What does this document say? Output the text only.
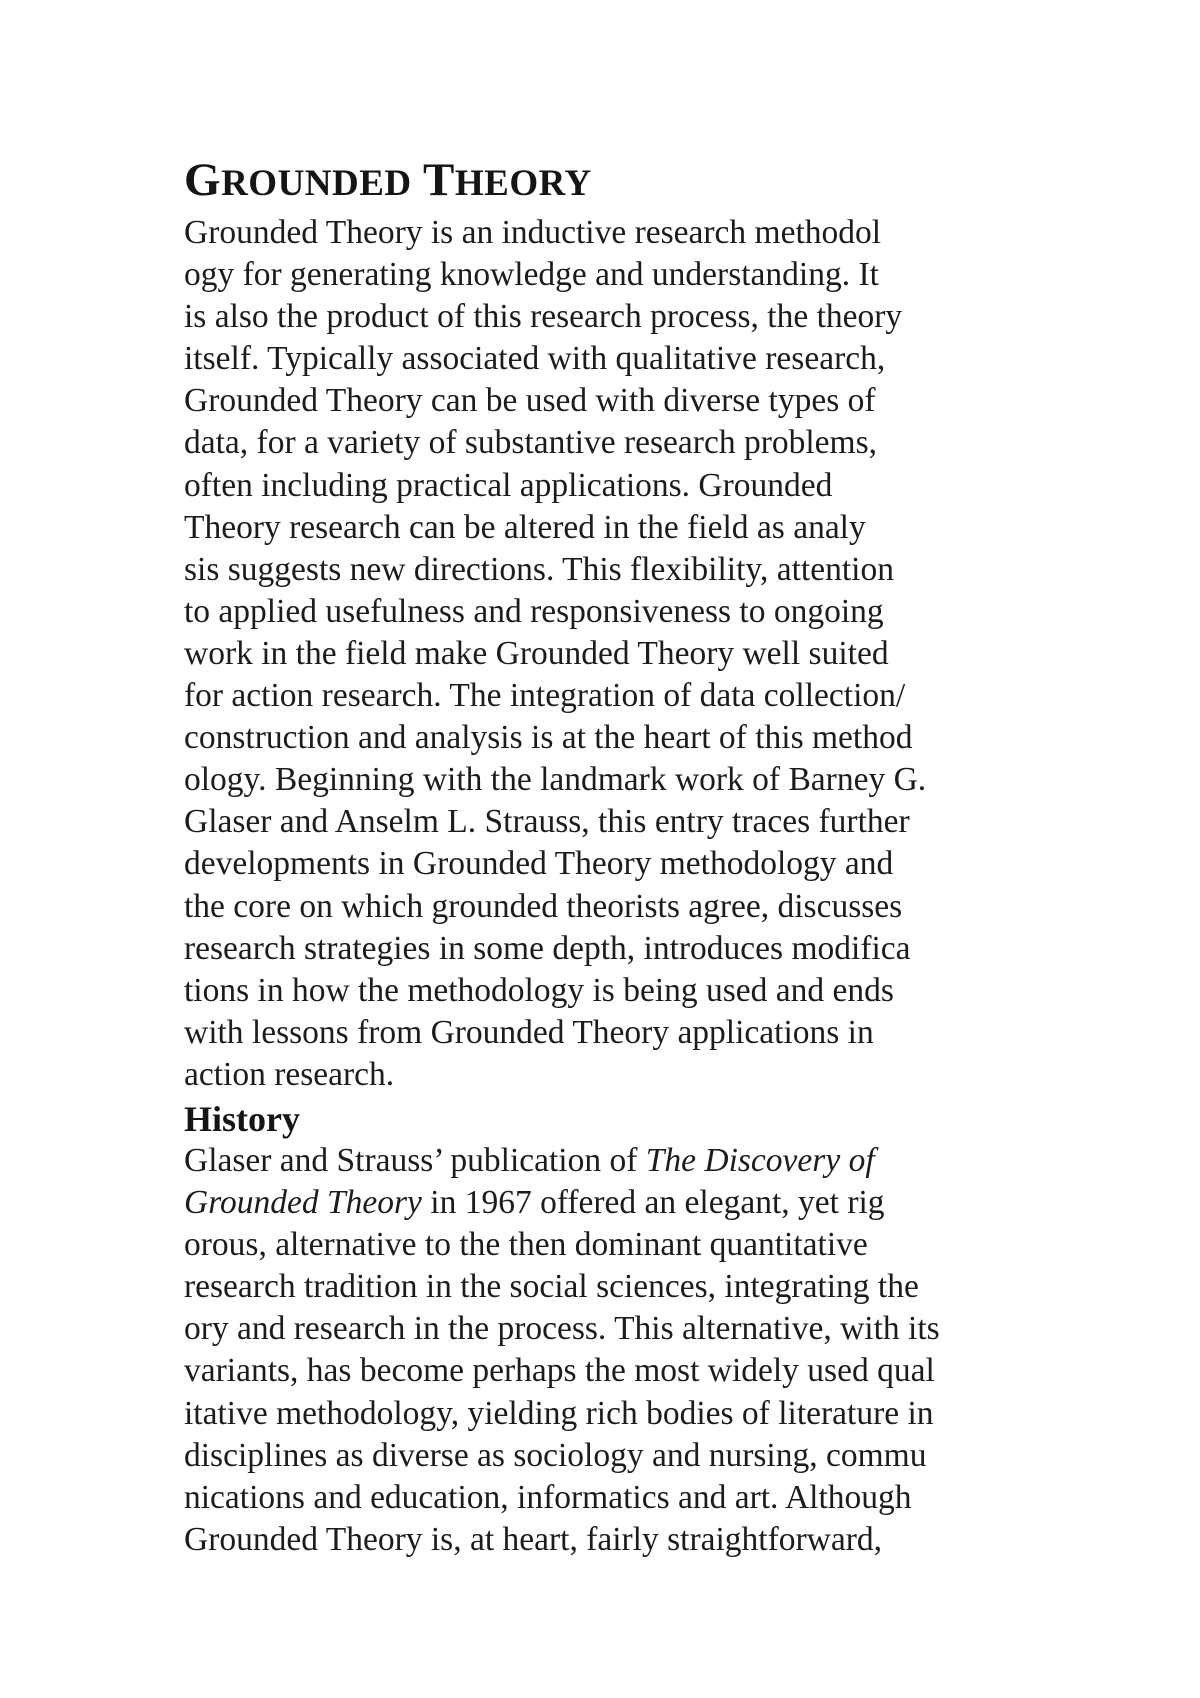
GROUNDED THEORY
Grounded Theory is an inductive research methodol
ogy for generating knowledge and understanding. It
is also the product of this research process, the theory
itself. Typically associated with qualitative research,
Grounded Theory can be used with diverse types of
data, for a variety of substantive research problems,
often including practical applications. Grounded
Theory research can be altered in the field as analy
sis suggests new directions. This flexibility, attention
to applied usefulness and responsiveness to ongoing
work in the field make Grounded Theory well suited
for action research. The integration of data collection/
construction and analysis is at the heart of this method
ology. Beginning with the landmark work of Barney G.
Glaser and Anselm L. Strauss, this entry traces further
developments in Grounded Theory methodology and
the core on which grounded theorists agree, discusses
research strategies in some depth, introduces modifica
tions in how the methodology is being used and ends
with lessons from Grounded Theory applications in
action research.
History
Glaser and Strauss’ publication of The Discovery of
Grounded Theory in 1967 offered an elegant, yet rig
orous, alternative to the then dominant quantitative
research tradition in the social sciences, integrating the
ory and research in the process. This alternative, with its
variants, has become perhaps the most widely used qual
itative methodology, yielding rich bodies of literature in
disciplines as diverse as sociology and nursing, commu
nications and education, informatics and art. Although
Grounded Theory is, at heart, fairly straightforward,
